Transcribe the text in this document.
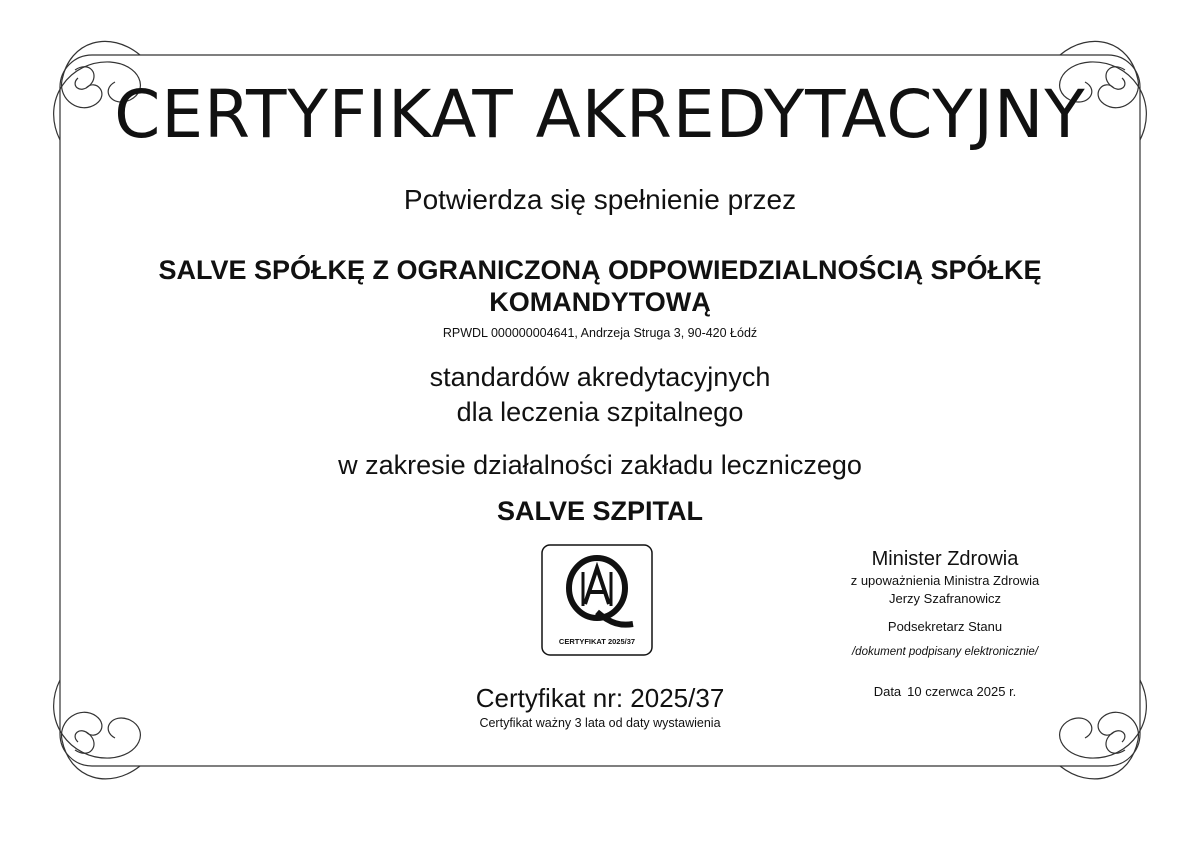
CERTYFIKAT AKREDYTACYJNY
Potwierdza się spełnienie przez
SALVE SPÓŁKĘ Z OGRANICZONĄ ODPOWIEDZIALNOŚCIĄ SPÓŁKĘ KOMANDYTOWĄ
RPWDL 000000004641, Andrzeja Struga 3, 90-420 Łódź
standardów akredytacyjnych
dla leczenia szpitalnego
w zakresie działalności zakładu leczniczego
SALVE SZPITAL
CERTYFIKAT 2025/37
Certyfikat nr: 2025/37
Certyfikat ważny 3 lata od daty wystawienia
Minister Zdrowia
z upoważnienia Ministra Zdrowia
Jerzy Szafranowicz
Podsekretarz Stanu
/dokument podpisany elektronicznie/
Data 10 czerwca 2025 r.
